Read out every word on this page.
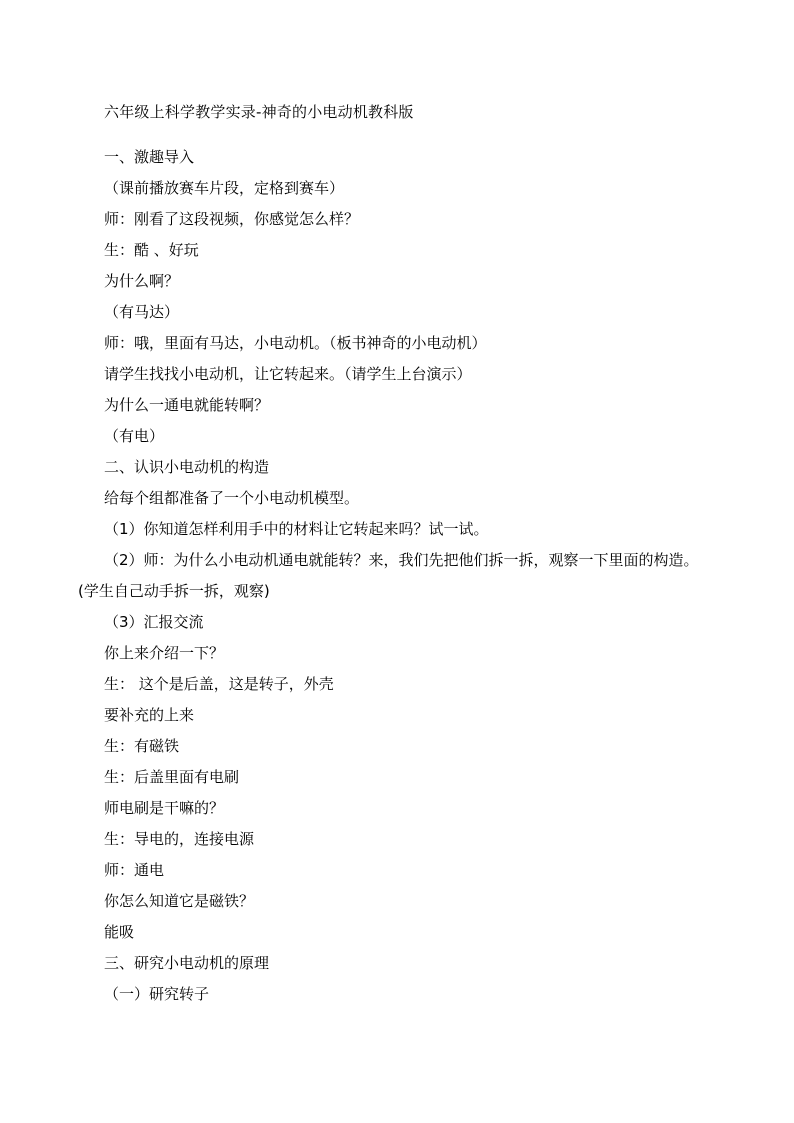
六年级上科学教学实录-神奇的小电动机教科版
一、激趣导入
（课前播放赛车片段，定格到赛车）
师：刚看了这段视频，你感觉怎么样？
生：酷 、好玩
为什么啊？
（有马达）
师：哦，里面有马达，小电动机。（板书神奇的小电动机）
请学生找找小电动机，让它转起来。（请学生上台演示）
为什么一通电就能转啊？
（有电）
二、认识小电动机的构造
给每个组都准备了一个小电动机模型。
（1）你知道怎样利用手中的材料让它转起来吗？试一试。
（2）师：为什么小电动机通电就能转？来，我们先把他们拆一拆，观察一下里面的构造。
(学生自己动手拆一拆，观察)
（3）汇报交流
你上来介绍一下？
生： 这个是后盖，这是转子，外壳
要补充的上来
生：有磁铁
生：后盖里面有电刷
师电刷是干嘛的？
生：导电的，连接电源
师：通电
你怎么知道它是磁铁？
能吸
三、研究小电动机的原理
（一）研究转子
